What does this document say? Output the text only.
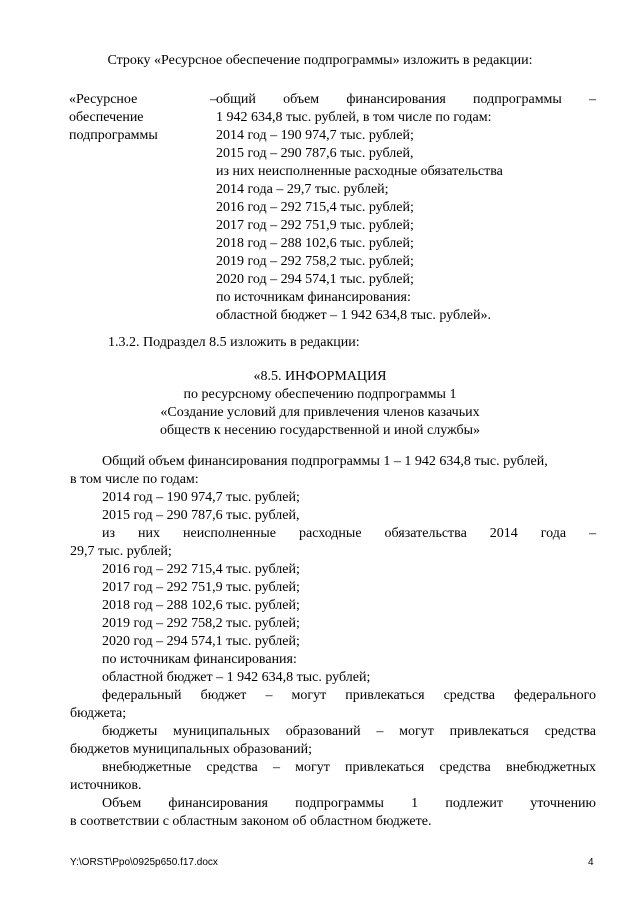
Строку «Ресурсное обеспечение подпрограммы» изложить в редакции:
«Ресурсное
обеспечение
подпрограммы
– общий объем финансирования подпрограммы –
1 942 634,8 тыс. рублей, в том числе по годам:
2014 год – 190 974,7 тыс. рублей;
2015 год – 290 787,6 тыс. рублей,
из них неисполненные расходные обязательства
2014 года – 29,7 тыс. рублей;
2016 год – 292 715,4 тыс. рублей;
2017 год – 292 751,9 тыс. рублей;
2018 год – 288 102,6 тыс. рублей;
2019 год – 292 758,2 тыс. рублей;
2020 год – 294 574,1 тыс. рублей;
по источникам финансирования:
областной бюджет – 1 942 634,8 тыс. рублей».
1.3.2. Подраздел 8.5 изложить в редакции:
«8.5. ИНФОРМАЦИЯ
по ресурсному обеспечению подпрограммы 1
«Создание условий для привлечения членов казачьих
обществ к несению государственной и иной службы»
Общий объем финансирования подпрограммы 1 – 1 942 634,8 тыс. рублей,
в том числе по годам:
2014 год – 190 974,7 тыс. рублей;
2015 год – 290 787,6 тыс. рублей,
из них неисполненные расходные обязательства 2014 года –
29,7 тыс. рублей;
2016 год – 292 715,4 тыс. рублей;
2017 год – 292 751,9 тыс. рублей;
2018 год – 288 102,6 тыс. рублей;
2019 год – 292 758,2 тыс. рублей;
2020 год – 294 574,1 тыс. рублей;
по источникам финансирования:
областной бюджет – 1 942 634,8 тыс. рублей;
федеральный бюджет – могут привлекаться средства федерального
бюджета;
бюджеты муниципальных образований – могут привлекаться средства
бюджетов муниципальных образований;
внебюджетные средства – могут привлекаться средства внебюджетных
источников.
Объем финансирования подпрограммы 1 подлежит уточнению
в соответствии с областным законом об областном бюджете.
Y:\ORST\Ppo\0925p650.f17.docx	4
